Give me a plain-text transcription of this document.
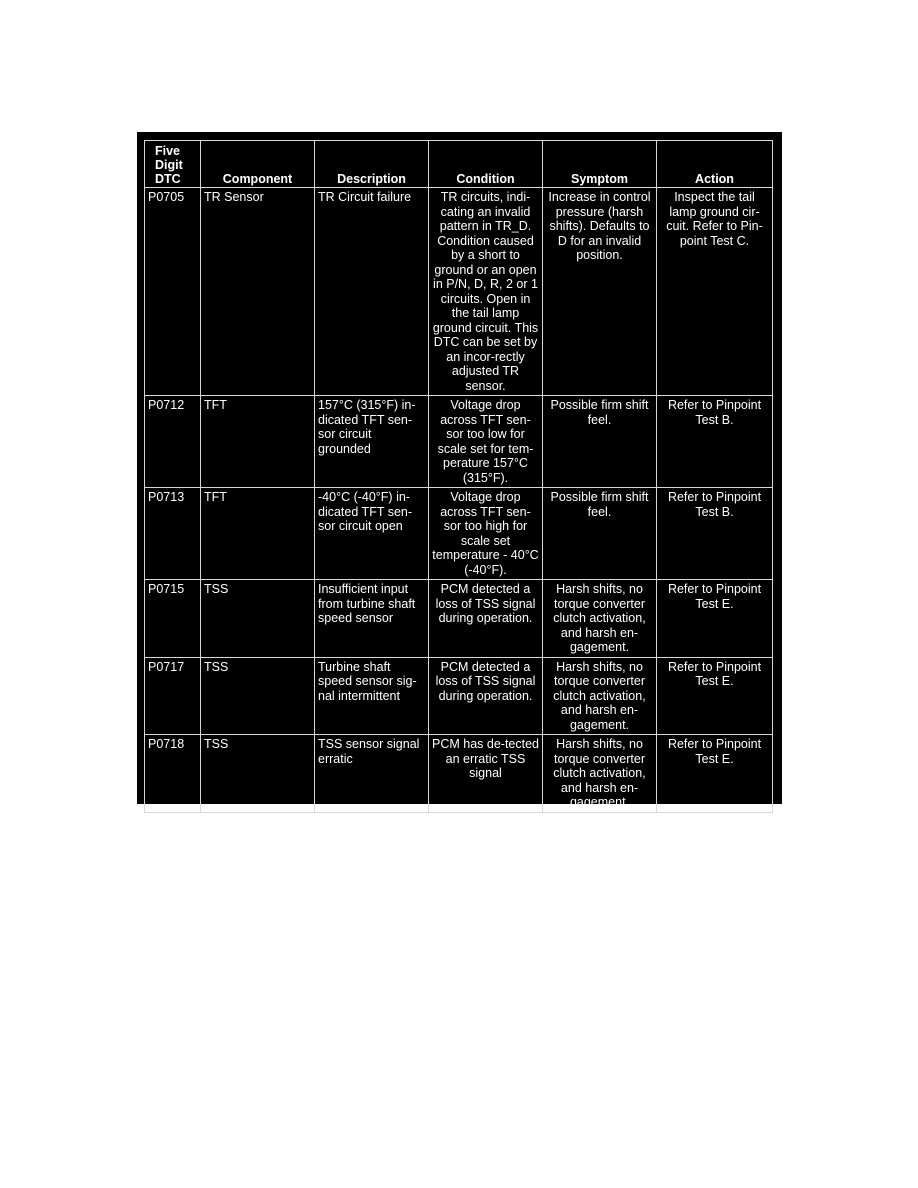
Five Digit DTC	Component	Description	Condition	Symptom	Action
P0705	TR Sensor	TR Circuit failure	TR circuits, indi-cating an invalid pattern in TR_D. Condition caused by a short to ground or an open in P/N, D, R, 2 or 1 circuits. Open in the tail lamp ground circuit. This DTC can be set by an incor-rectly adjusted TR sensor.	Increase in control pressure (harsh shifts). Defaults to D for an invalid position.	Inspect the tail lamp ground cir-cuit. Refer to Pin-point Test C.
P0712	TFT	157°C (315°F) in-dicated TFT sen-sor circuit grounded	Voltage drop across TFT sen-sor too low for scale set for tem-perature 157°C (315°F).	Possible firm shift feel.	Refer to Pinpoint Test B.
P0713	TFT	-40°C (-40°F) in-dicated TFT sen-sor circuit open	Voltage drop across TFT sen-sor too high for scale set temperature - 40°C (-40°F).	Possible firm shift feel.	Refer to Pinpoint Test B.
P0715	TSS	Insufficient input from turbine shaft speed sensor	PCM detected a loss of TSS signal during operation.	Harsh shifts, no torque converter clutch activation, and harsh en-gagement.	Refer to Pinpoint Test E.
P0717	TSS	Turbine shaft speed sensor sig-nal intermittent	PCM detected a loss of TSS signal during operation.	Harsh shifts, no torque converter clutch activation, and harsh en-gagement.	Refer to Pinpoint Test E.
P0718	TSS	TSS sensor signal erratic	PCM has de-tected an erratic TSS signal	Harsh shifts, no torque converter clutch activation, and harsh en-gagement.	Refer to Pinpoint Test E.
